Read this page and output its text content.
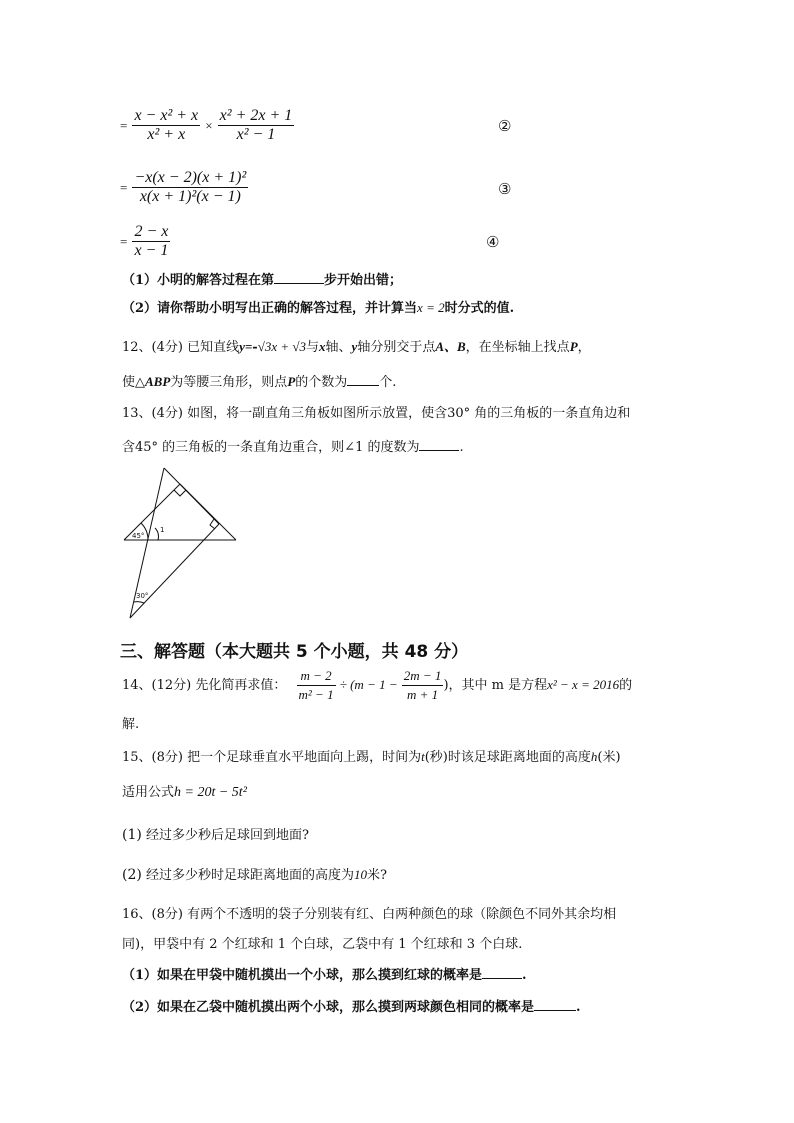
= $\frac{\text{x − x² + x}}{\text{x² + x}} \times \frac{\text{x² + 2x + 1}}{\text{x² − 1}}$	②
= $\frac{\text{−x(x − 2)(x + 1)²}}{\text{x(x + 1)²(x − 1)}}$	③
= $\frac{2 - x}{x - 1}$	④
（1）小明的解答过程在第	步开始出错；
（2）请你帮助小明写出正确的解答过程，并计算当x = 2时分式的值.
12、(4分) 已知直线y=-√3x + √3与x轴、y轴分别交于点A、B，在坐标轴上找点P，
使△ABP为等腰三角形，则点P的个数为 个.
13、(4分) 如图，将一副直角三角板如图所示放置，使含30° 角的三角板的一条直角边和
含45° 的三角板的一条直角边重合，则∠1 的度数为	.
45°
1
30°
三、解答题（本大题共 5 个小题，共 48 分）
14、(12分) 先化简再求值： $\frac{m - 2}{\text{m² − 1}} \div (m - 1 - \frac{2m - 1}{m + 1}$ )，其中 m 是方程x² − x = 2016的
解.
15、(8分) 把一个足球垂直水平地面向上踢，时间为t(秒)时该足球距离地面的高度h(米)
适用公式h = 20t − 5t²
(1) 经过多少秒后足球回到地面?
(2) 经过多少秒时足球距离地面的高度为10米?
16、(8分) 有两个不透明的袋子分别装有红、白两种颜色的球（除颜色不同外其余均相
同)，甲袋中有 2 个红球和 1 个白球，乙袋中有 1 个红球和 3 个白球.
（1）如果在甲袋中随机摸出一个小球，那么摸到红球的概率是	.
（2）如果在乙袋中随机摸出两个小球，那么摸到两球颜色相同的概率是	.
